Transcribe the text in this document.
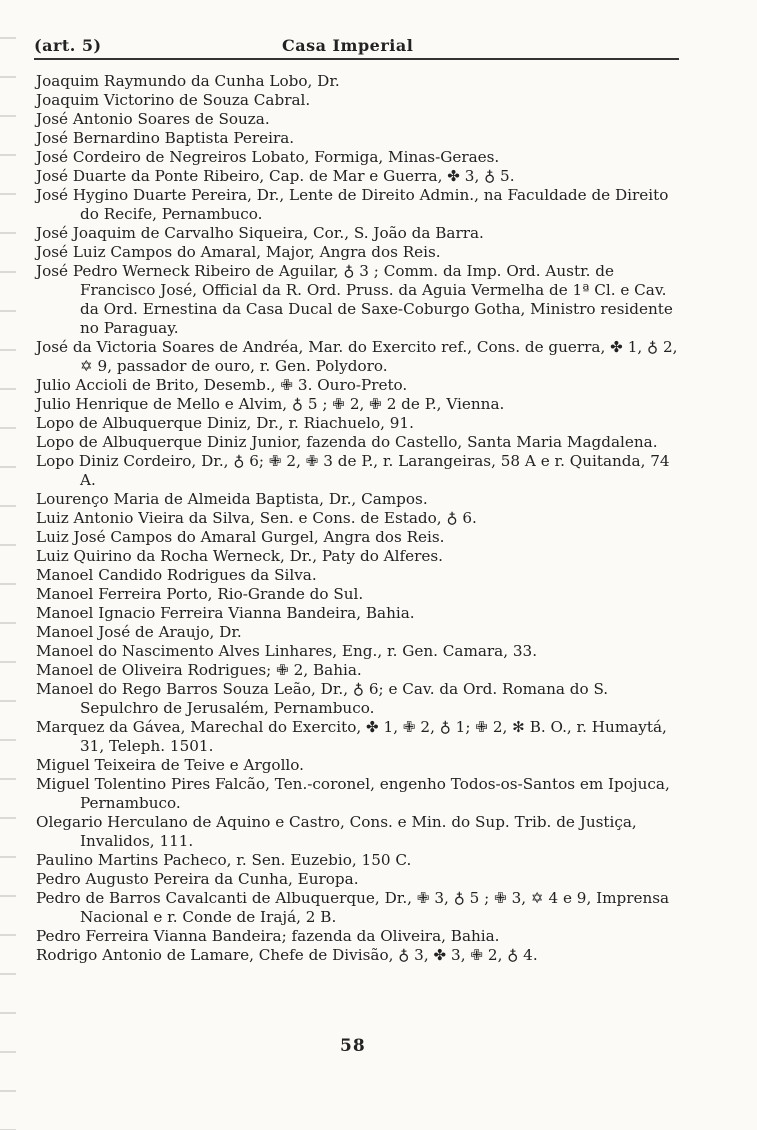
(art. 5)	Casa Imperial
Joaquim Raymundo da Cunha Lobo, Dr.
Joaquim Victorino de Souza Cabral.
José Antonio Soares de Souza.
José Bernardino Baptista Pereira.
José Cordeiro de Negreiros Lobato, Formiga, Minas-Geraes.
José Duarte da Ponte Ribeiro, Cap. de Mar e Guerra, ✤ 3, ♁ 5.
José Hygino Duarte Pereira, Dr., Lente de Direito Admin., na Faculdade de Direito do Recife, Pernambuco.
José Joaquim de Carvalho Siqueira, Cor., S. João da Barra.
José Luiz Campos do Amaral, Major, Angra dos Reis.
José Pedro Werneck Ribeiro de Aguilar, ♁ 3 ; Comm. da Imp. Ord. Austr. de Francisco José, Official da R. Ord. Pruss. da Aguia Vermelha de 1ª Cl. e Cav. da Ord. Ernestina da Casa Ducal de Saxe-Coburgo Gotha, Ministro residente no Paraguay.
José da Victoria Soares de Andréa, Mar. do Exercito ref., Cons. de guerra, ✤ 1, ♁ 2, ✡ 9, passador de ouro, r. Gen. Polydoro.
Julio Accioli de Brito, Desemb., ✙ 3. Ouro-Preto.
Julio Henrique de Mello e Alvim, ♁ 5 ; ✙ 2, ✙ 2 de P., Vienna.
Lopo de Albuquerque Diniz, Dr., r. Riachuelo, 91.
Lopo de Albuquerque Diniz Junior, fazenda do Castello, Santa Maria Magdalena.
Lopo Diniz Cordeiro, Dr., ♁ 6; ✙ 2, ✙ 3 de P., r. Larangeiras, 58 A e r. Quitanda, 74 A.
Lourenço Maria de Almeida Baptista, Dr., Campos.
Luiz Antonio Vieira da Silva, Sen. e Cons. de Estado, ♁ 6.
Luiz José Campos do Amaral Gurgel, Angra dos Reis.
Luiz Quirino da Rocha Werneck, Dr., Paty do Alferes.
Manoel Candido Rodrigues da Silva.
Manoel Ferreira Porto, Rio-Grande do Sul.
Manoel Ignacio Ferreira Vianna Bandeira, Bahia.
Manoel José de Araujo, Dr.
Manoel do Nascimento Alves Linhares, Eng., r. Gen. Camara, 33.
Manoel de Oliveira Rodrigues; ✙ 2, Bahia.
Manoel do Rego Barros Souza Leão, Dr., ♁ 6; e Cav. da Ord. Romana do S. Sepulchro de Jerusalém, Pernambuco.
Marquez da Gávea, Marechal do Exercito, ✤ 1, ✙ 2, ♁ 1; ✙ 2, ✻ B. O., r. Humaytá, 31, Teleph. 1501.
Miguel Teixeira de Teive e Argollo.
Miguel Tolentino Pires Falcão, Ten.-coronel, engenho Todos-os-Santos em Ipojuca, Pernambuco.
Olegario Herculano de Aquino e Castro, Cons. e Min. do Sup. Trib. de Justiça, Invalidos, 111.
Paulino Martins Pacheco, r. Sen. Euzebio, 150 C.
Pedro Augusto Pereira da Cunha, Europa.
Pedro de Barros Cavalcanti de Albuquerque, Dr., ✙ 3, ♁ 5 ; ✙ 3, ✡ 4 e 9, Imprensa Nacional e r. Conde de Irajá, 2 B.
Pedro Ferreira Vianna Bandeira; fazenda da Oliveira, Bahia.
Rodrigo Antonio de Lamare, Chefe de Divisão, ♁ 3, ✤ 3, ✙ 2, ♁ 4.
58
